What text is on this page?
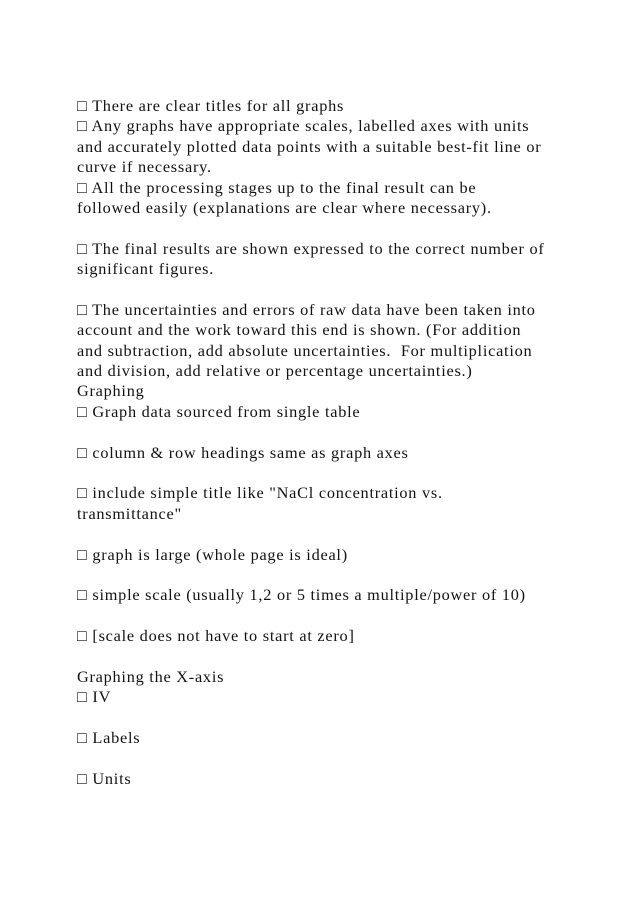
□ There are clear titles for all graphs
□ Any graphs have appropriate scales, labelled axes with units
and accurately plotted data points with a suitable best-fit line or
curve if necessary.
□ All the processing stages up to the final result can be
followed easily (explanations are clear where necessary).
□ The final results are shown expressed to the correct number of
significant figures.
□ The uncertainties and errors of raw data have been taken into
account and the work toward this end is shown. (For addition
and subtraction, add absolute uncertainties.  For multiplication
and division, add relative or percentage uncertainties.)
Graphing
□ Graph data sourced from single table
□ column & row headings same as graph axes
□ include simple title like "NaCl concentration vs.
transmittance"
□ graph is large (whole page is ideal)
□ simple scale (usually 1,2 or 5 times a multiple/power of 10)
□ [scale does not have to start at zero]
Graphing the X-axis
□ IV
□ Labels
□ Units
